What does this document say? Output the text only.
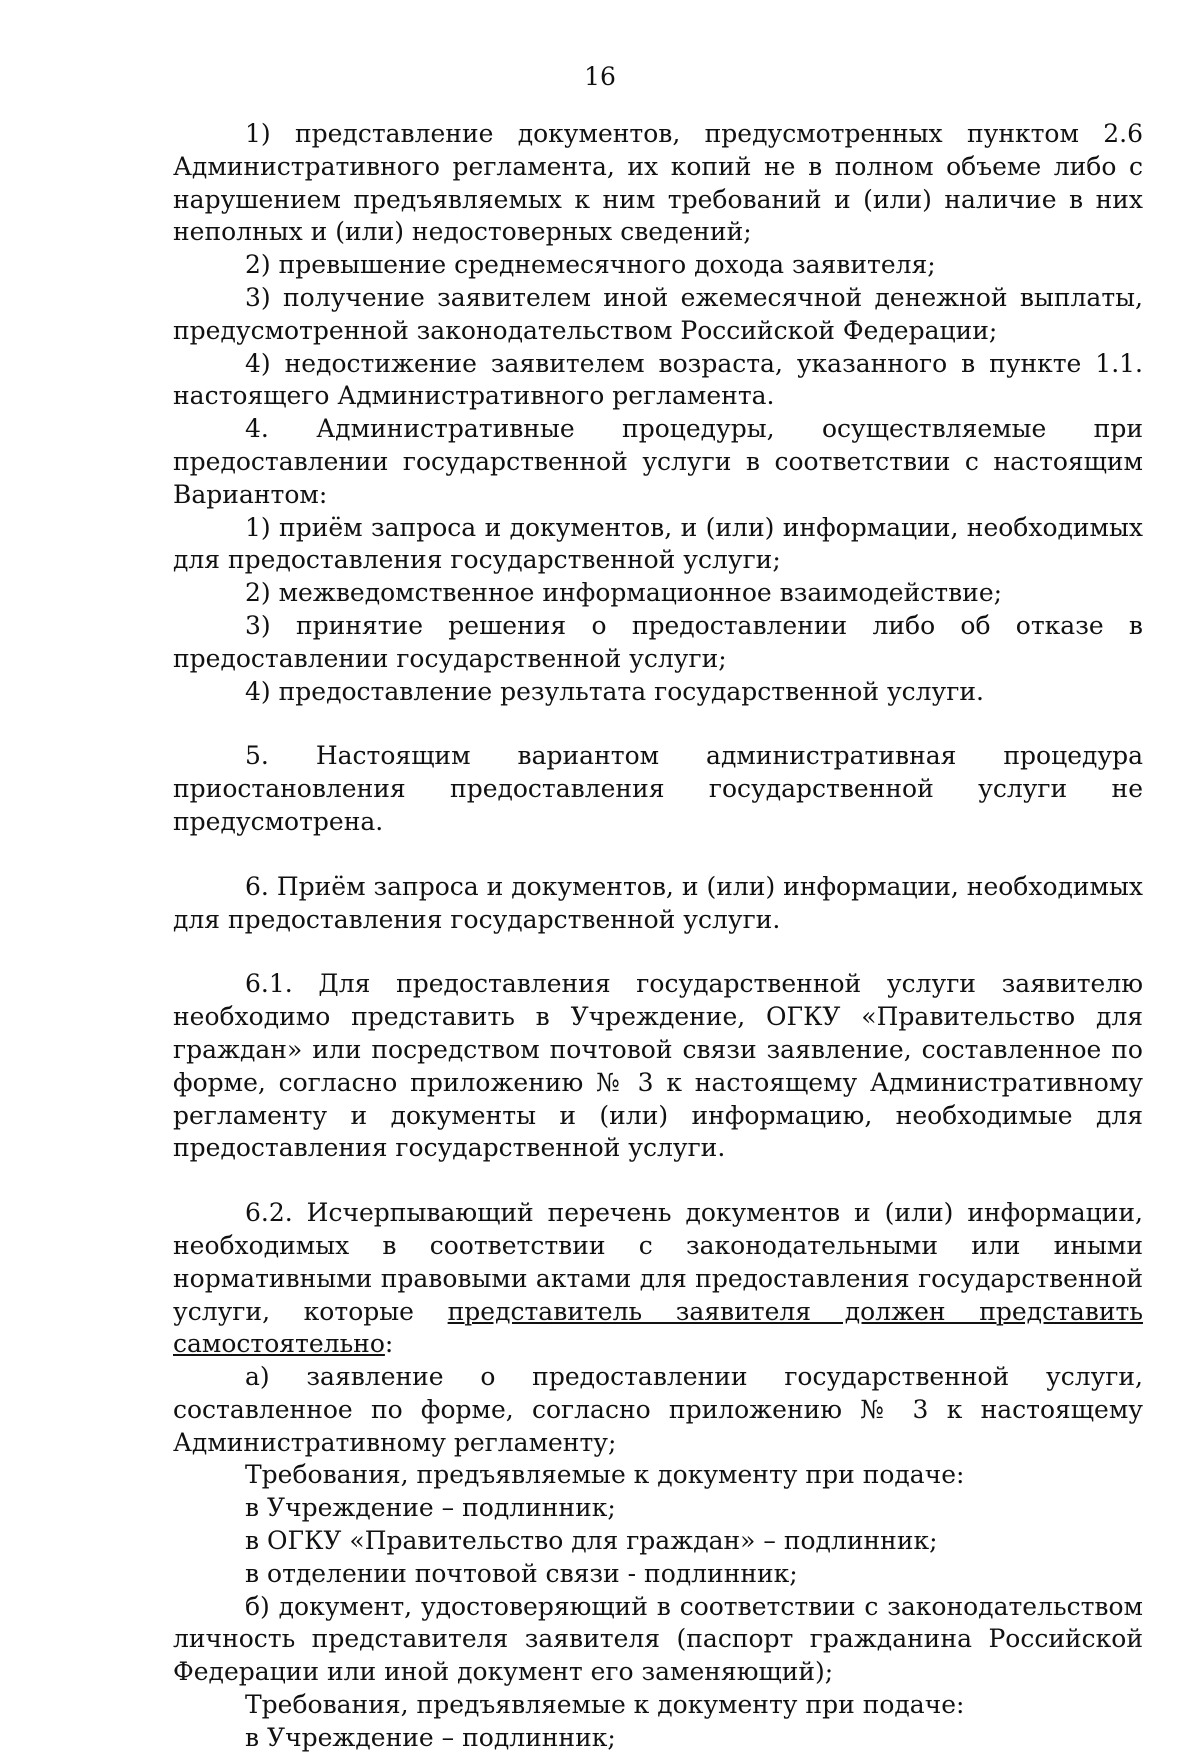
16

1) представление документов, предусмотренных пунктом 2.6 Административного регламента, их копий не в полном объеме либо с нарушением предъявляемых к ним требований и (или) наличие в них неполных и (или) недостоверных сведений;

2) превышение среднемесячного дохода заявителя;

3) получение заявителем иной ежемесячной денежной выплаты, предусмотренной законодательством Российской Федерации;

4) недостижение заявителем возраста, указанного в пункте 1.1. настоящего Административного регламента.

4. Административные процедуры, осуществляемые при предоставлении государственной услуги в соответствии с настоящим Вариантом:

1) приём запроса и документов, и (или) информации, необходимых для предоставления государственной услуги;

2) межведомственное информационное взаимодействие;

3) принятие решения о предоставлении либо об отказе в предоставлении государственной услуги;

4) предоставление результата государственной услуги.

5. Настоящим вариантом административная процедура приостановления предоставления государственной услуги не предусмотрена.

6. Приём запроса и документов, и (или) информации, необходимых для предоставления государственной услуги.

6.1. Для предоставления государственной услуги заявителю необходимо представить в Учреждение, ОГКУ «Правительство для граждан» или посредством почтовой связи заявление, составленное по форме, согласно приложению № 3 к настоящему Административному регламенту и документы и (или) информацию, необходимые для предоставления государственной услуги.

6.2. Исчерпывающий перечень документов и (или) информации, необходимых в соответствии с законодательными или иными нормативными правовыми актами для предоставления государственной услуги, которые представитель заявителя должен представить самостоятельно:

а) заявление о предоставлении государственной услуги, составленное по форме, согласно приложению № 3 к настоящему Административному регламенту;

Требования, предъявляемые к документу при подаче:

в Учреждение – подлинник;

в ОГКУ «Правительство для граждан» – подлинник;

в отделении почтовой связи - подлинник;

б) документ, удостоверяющий в соответствии с законодательством личность представителя заявителя (паспорт гражданина Российской Федерации или иной документ его заменяющий);

Требования, предъявляемые к документу при подаче:

в Учреждение – подлинник;
